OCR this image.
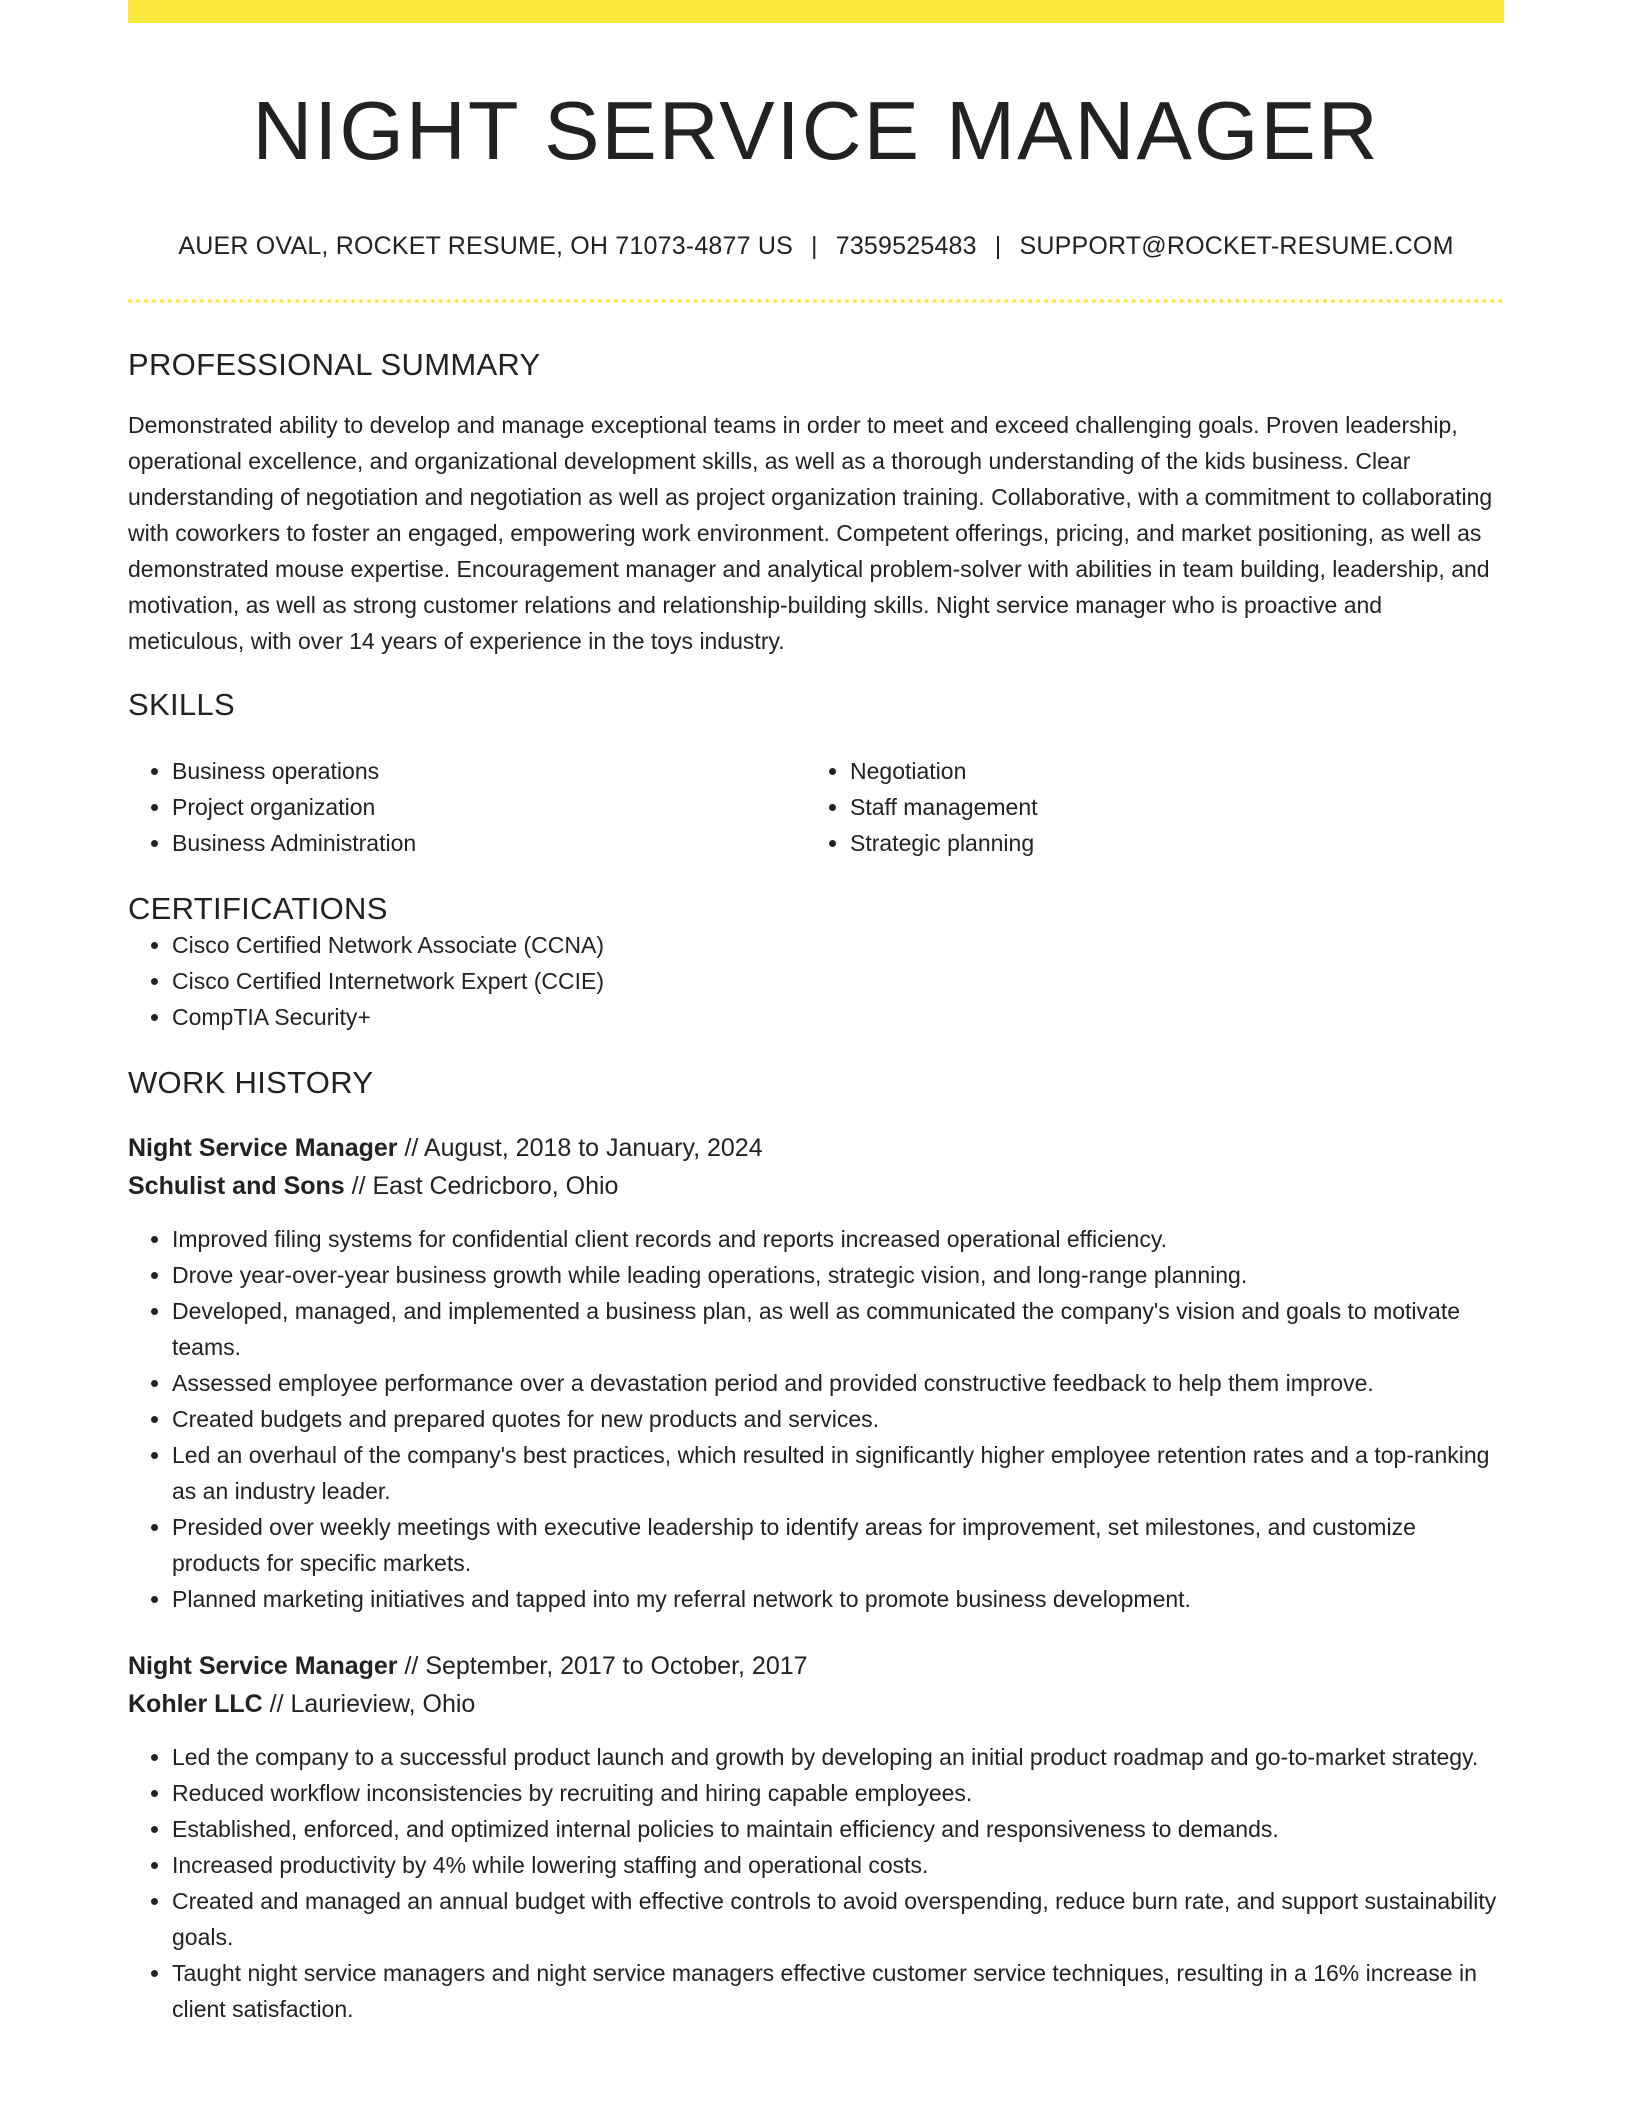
NIGHT SERVICE MANAGER
AUER OVAL, ROCKET RESUME, OH 71073-4877 US | 7359525483 | SUPPORT@ROCKET-RESUME.COM
PROFESSIONAL SUMMARY

Demonstrated ability to develop and manage exceptional teams in order to meet and exceed challenging goals. Proven leadership, operational excellence, and organizational development skills, as well as a thorough understanding of the kids business. Clear understanding of negotiation and negotiation as well as project organization training. Collaborative, with a commitment to collaborating with coworkers to foster an engaged, empowering work environment. Competent offerings, pricing, and market positioning, as well as demonstrated mouse expertise. Encouragement manager and analytical problem-solver with abilities in team building, leadership, and motivation, as well as strong customer relations and relationship-building skills. Night service manager who is proactive and meticulous, with over 14 years of experience in the toys industry.

SKILLS
• Business operations
• Project organization
• Business Administration
• Negotiation
• Staff management
• Strategic planning
CERTIFICATIONS
• Cisco Certified Network Associate (CCNA)
• Cisco Certified Internetwork Expert (CCIE)
• CompTIA Security+
WORK HISTORY
Night Service Manager // August, 2018 to January, 2024
Schulist and Sons // East Cedricboro, Ohio
• Improved filing systems for confidential client records and reports increased operational efficiency.
• Drove year-over-year business growth while leading operations, strategic vision, and long-range planning.
• Developed, managed, and implemented a business plan, as well as communicated the company's vision and goals to motivate teams.
• Assessed employee performance over a devastation period and provided constructive feedback to help them improve.
• Created budgets and prepared quotes for new products and services.
• Led an overhaul of the company's best practices, which resulted in significantly higher employee retention rates and a top-ranking as an industry leader.
• Presided over weekly meetings with executive leadership to identify areas for improvement, set milestones, and customize products for specific markets.
• Planned marketing initiatives and tapped into my referral network to promote business development.
Night Service Manager // September, 2017 to October, 2017
Kohler LLC // Laurieview, Ohio
• Led the company to a successful product launch and growth by developing an initial product roadmap and go-to-market strategy.
• Reduced workflow inconsistencies by recruiting and hiring capable employees.
• Established, enforced, and optimized internal policies to maintain efficiency and responsiveness to demands.
• Increased productivity by 4% while lowering staffing and operational costs.
• Created and managed an annual budget with effective controls to avoid overspending, reduce burn rate, and support sustainability goals.
• Taught night service managers and night service managers effective customer service techniques, resulting in a 16% increase in client satisfaction.
